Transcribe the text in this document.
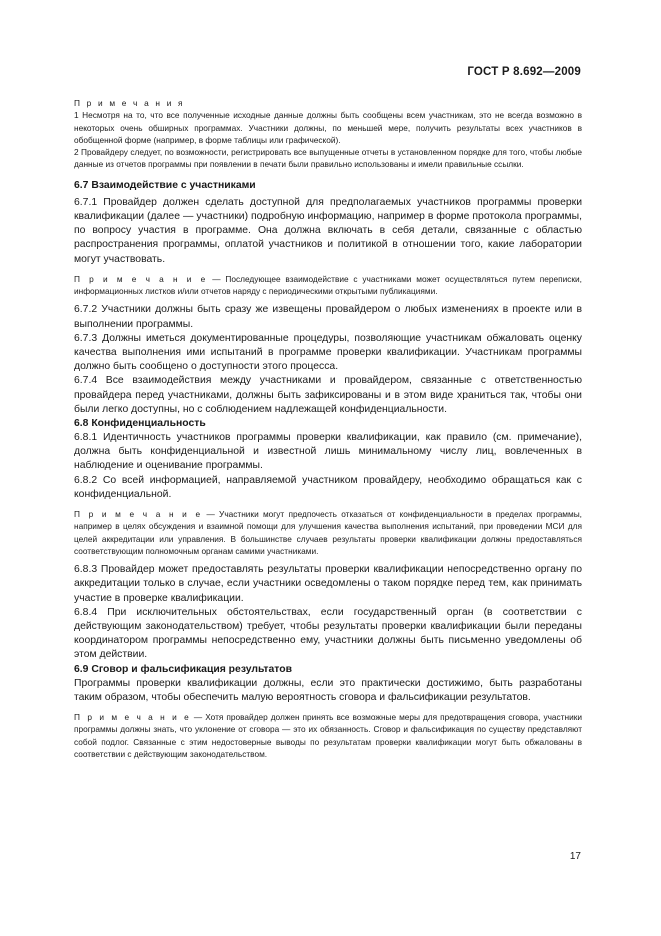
ГОСТ Р 8.692—2009

П р и м е ч а н и я

1 Несмотря на то, что все полученные исходные данные должны быть сообщены всем участникам, это не всегда возможно в некоторых очень обширных программах. Участники должны, по меньшей мере, получить результаты всех участников в обобщенной форме (например, в форме таблицы или графической).

2 Провайдеру следует, по возможности, регистрировать все выпущенные отчеты в установленном порядке для того, чтобы любые данные из отчетов программы при появлении в печати были правильно использованы и имели правильные ссылки.

6.7 Взаимодействие с участниками

6.7.1 Провайдер должен сделать доступной для предполагаемых участников программы проверки квалификации (далее — участники) подробную информацию, например в форме протокола программы, по вопросу участия в программе. Она должна включать в себя детали, связанные с областью распространения программы, оплатой участников и политикой в отношении того, какие лаборатории могут участвовать.

П р и м е ч а н и е — Последующее взаимодействие с участниками может осуществляться путем переписки, информационных листков и/или отчетов наряду с периодическими открытыми публикациями.

6.7.2 Участники должны быть сразу же извещены провайдером о любых изменениях в проекте или в выполнении программы.

6.7.3 Должны иметься документированные процедуры, позволяющие участникам обжаловать оценку качества выполнения ими испытаний в программе проверки квалификации. Участникам программы должно быть сообщено о доступности этого процесса.

6.7.4 Все взаимодействия между участниками и провайдером, связанные с ответственностью провайдера перед участниками, должны быть зафиксированы и в этом виде храниться так, чтобы они были легко доступны, но с соблюдением надлежащей конфиденциальности.

6.8 Конфиденциальность

6.8.1 Идентичность участников программы проверки квалификации, как правило (см. примечание), должна быть конфиденциальной и известной лишь минимальному числу лиц, вовлеченных в наблюдение и оценивание программы.

6.8.2 Со всей информацией, направляемой участником провайдеру, необходимо обращаться как с конфиденциальной.

П р и м е ч а н и е — Участники могут предпочесть отказаться от конфиденциальности в пределах программы, например в целях обсуждения и взаимной помощи для улучшения качества выполнения испытаний, при проведении МСИ для целей аккредитации или управления. В большинстве случаев результаты проверки квалификации должны предоставляться соответствующим полномочным органам самими участниками.

6.8.3 Провайдер может предоставлять результаты проверки квалификации непосредственно органу по аккредитации только в случае, если участники осведомлены о таком порядке перед тем, как принимать участие в проверке квалификации.

6.8.4 При исключительных обстоятельствах, если государственный орган (в соответствии с действующим законодательством) требует, чтобы результаты проверки квалификации были переданы координатором программы непосредственно ему, участники должны быть письменно уведомлены об этом действии.

6.9 Сговор и фальсификация результатов

Программы проверки квалификации должны, если это практически достижимо, быть разработаны таким образом, чтобы обеспечить малую вероятность сговора и фальсификации результатов.

П р и м е ч а н и е — Хотя провайдер должен принять все возможные меры для предотвращения сговора, участники программы должны знать, что уклонение от сговора — это их обязанность. Сговор и фальсификация по существу представляют собой подлог. Связанные с этим недостоверные выводы по результатам проверки квалификации могут быть обжалованы в соответствии с действующим законодательством.

17
